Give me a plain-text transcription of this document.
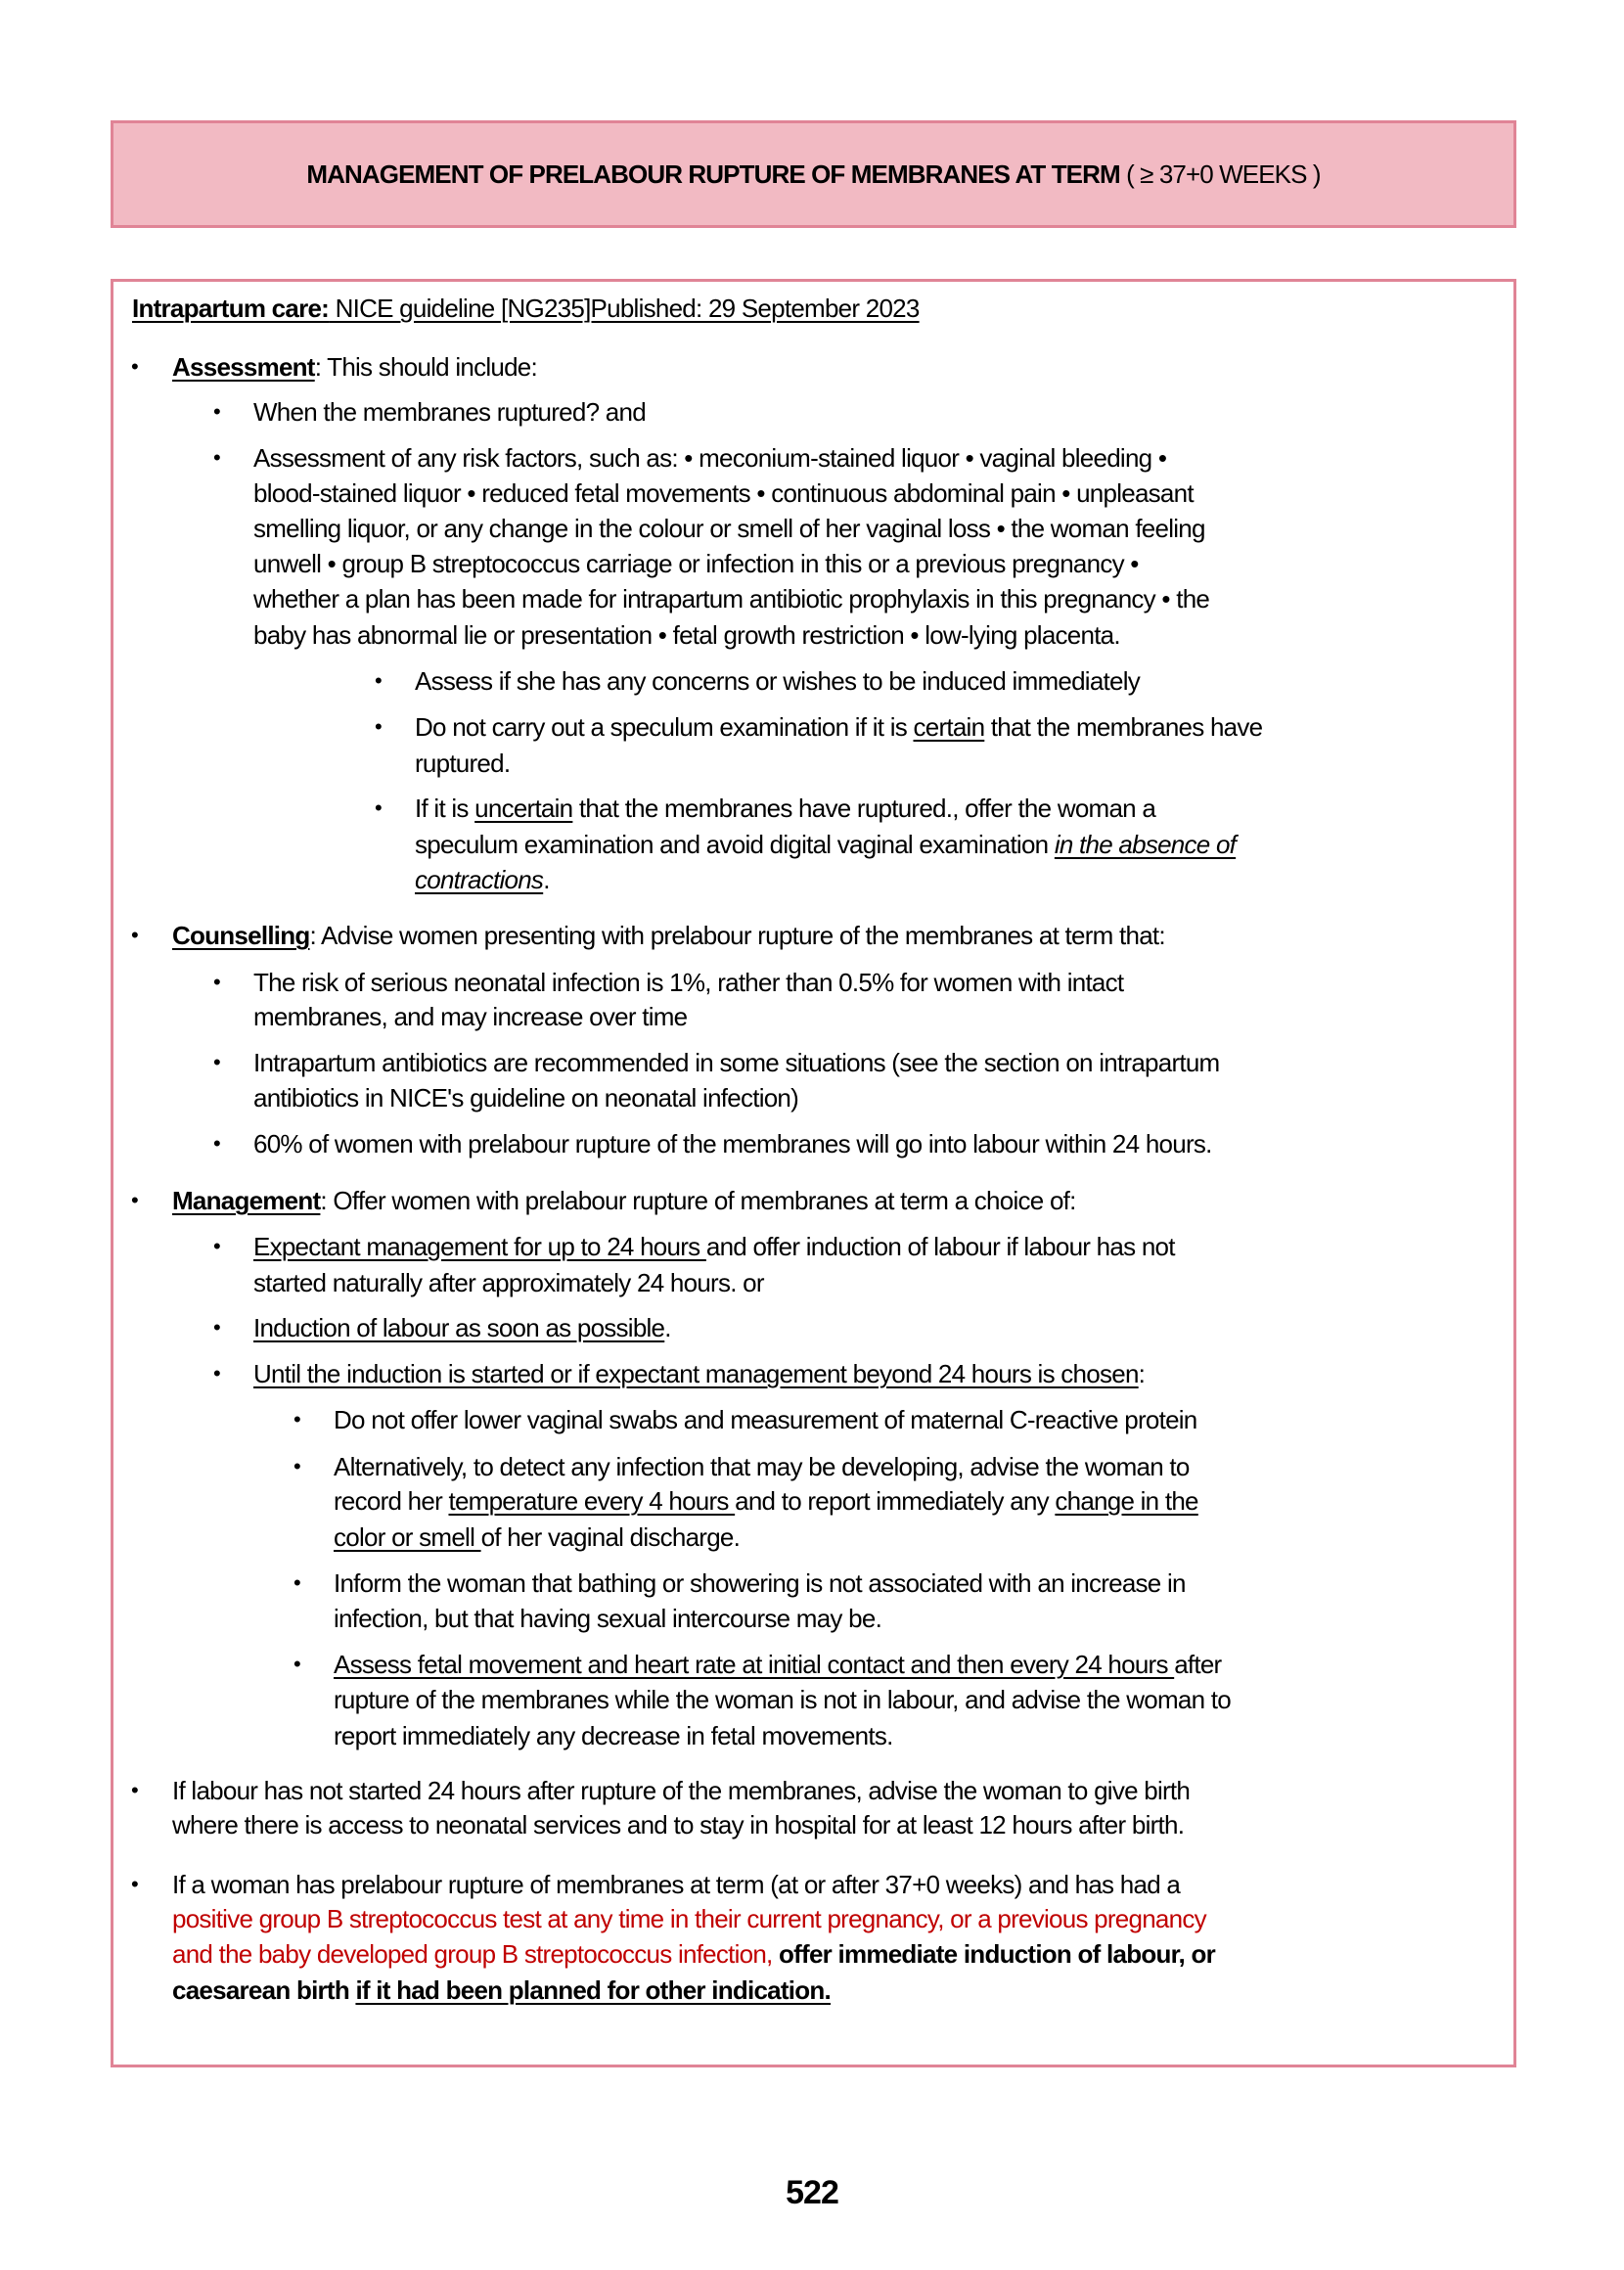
MANAGEMENT OF PRELABOUR RUPTURE OF MEMBRANES AT TERM ( ≥ 37+0 WEEKS )
Intrapartum care: NICE guideline [NG235]Published: 29 September 2023
• Assessment: This should include:
• When the membranes ruptured? and
• Assessment of any risk factors, such as: • meconium-stained liquor • vaginal bleeding •
blood-stained liquor • reduced fetal movements • continuous abdominal pain • unpleasant
smelling liquor, or any change in the colour or smell of her vaginal loss • the woman feeling
unwell • group B streptococcus carriage or infection in this or a previous pregnancy •
whether a plan has been made for intrapartum antibiotic prophylaxis in this pregnancy • the
baby has abnormal lie or presentation • fetal growth restriction • low-lying placenta.
• Assess if she has any concerns or wishes to be induced immediately
• Do not carry out a speculum examination if it is certain that the membranes have
ruptured.
• If it is uncertain that the membranes have ruptured., offer the woman a
speculum examination and avoid digital vaginal examination in the absence of
contractions.
• Counselling: Advise women presenting with prelabour rupture of the membranes at term that:
• The risk of serious neonatal infection is 1%, rather than 0.5% for women with intact
membranes, and may increase over time
• Intrapartum antibiotics are recommended in some situations (see the section on intrapartum
antibiotics in NICE's guideline on neonatal infection)
• 60% of women with prelabour rupture of the membranes will go into labour within 24 hours.
• Management: Offer women with prelabour rupture of membranes at term a choice of:
• Expectant management for up to 24 hours and offer induction of labour if labour has not
started naturally after approximately 24 hours. or
• Induction of labour as soon as possible.
• Until the induction is started or if expectant management beyond 24 hours is chosen:
• Do not offer lower vaginal swabs and measurement of maternal C-reactive protein
• Alternatively, to detect any infection that may be developing, advise the woman to
record her temperature every 4 hours and to report immediately any change in the
color or smell of her vaginal discharge.
• Inform the woman that bathing or showering is not associated with an increase in
infection, but that having sexual intercourse may be.
• Assess fetal movement and heart rate at initial contact and then every 24 hours after
rupture of the membranes while the woman is not in labour, and advise the woman to
report immediately any decrease in fetal movements.
• If labour has not started 24 hours after rupture of the membranes, advise the woman to give birth
where there is access to neonatal services and to stay in hospital for at least 12 hours after birth.
• If a woman has prelabour rupture of membranes at term (at or after 37+0 weeks) and has had a
positive group B streptococcus test at any time in their current pregnancy, or a previous pregnancy
and the baby developed group B streptococcus infection, offer immediate induction of labour, or
caesarean birth if it had been planned for other indication.
522
